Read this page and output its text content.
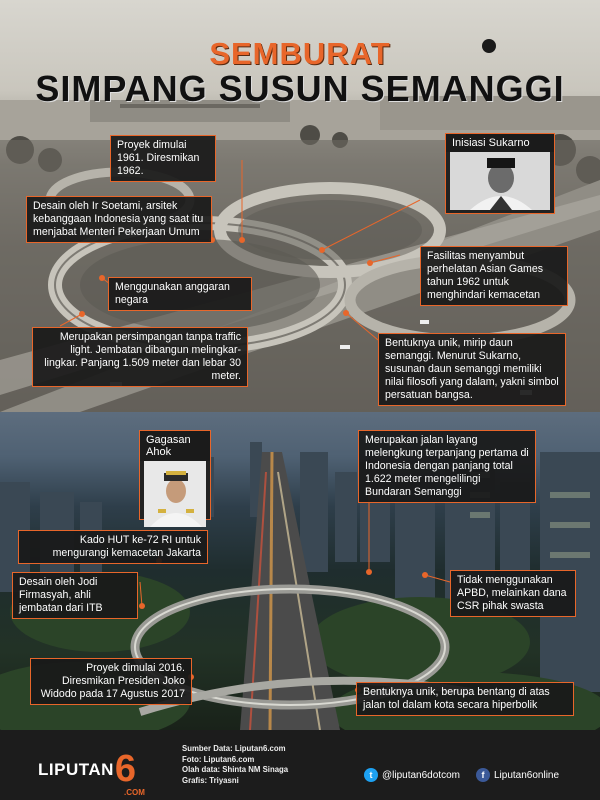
SEMBURAT
SIMPANG SUSUN SEMANGGI
Proyek dimulai 1961. Diresmikan 1962.
Desain oleh Ir Soetami, arsitek kebanggaan Indonesia yang saat itu menjabat Menteri Pekerjaan Umum
Fasilitas menyambut perhelatan Asian Games tahun 1962 untuk menghindari kemacetan
Menggunakan anggaran negara
Merupakan persimpangan tanpa traffic light. Jembatan dibangun melingkar-lingkar. Panjang 1.509 meter dan lebar 30 meter.
Bentuknya unik, mirip daun semanggi. Menurut Sukarno, susunan daun semanggi memiliki nilai filosofi yang dalam, yakni simbol persatuan bangsa.
Inisiasi Sukarno
Merupakan jalan layang melengkung terpanjang pertama di Indonesia dengan panjang total 1.622 meter mengelilingi Bundaran Semanggi
Kado HUT ke-72 RI untuk mengurangi kemacetan Jakarta
Desain oleh Jodi Firmasyah, ahli jembatan dari ITB
Tidak menggunakan APBD, melainkan dana CSR pihak swasta
Proyek dimulai 2016. Diresmikan Presiden Joko Widodo pada 17 Agustus 2017	Bentuknya unik, berupa bentang di atas jalan tol dalam kota secara hiperbolik
Gagasan Ahok
LIPUTAN 6
.COM
Sumber Data: Liputan6.com
Foto: Liputan6.com
Olah data: Shinta NM Sinaga
Grafis: Triyasni	t @liputan6dotcom	f Liputan6online
